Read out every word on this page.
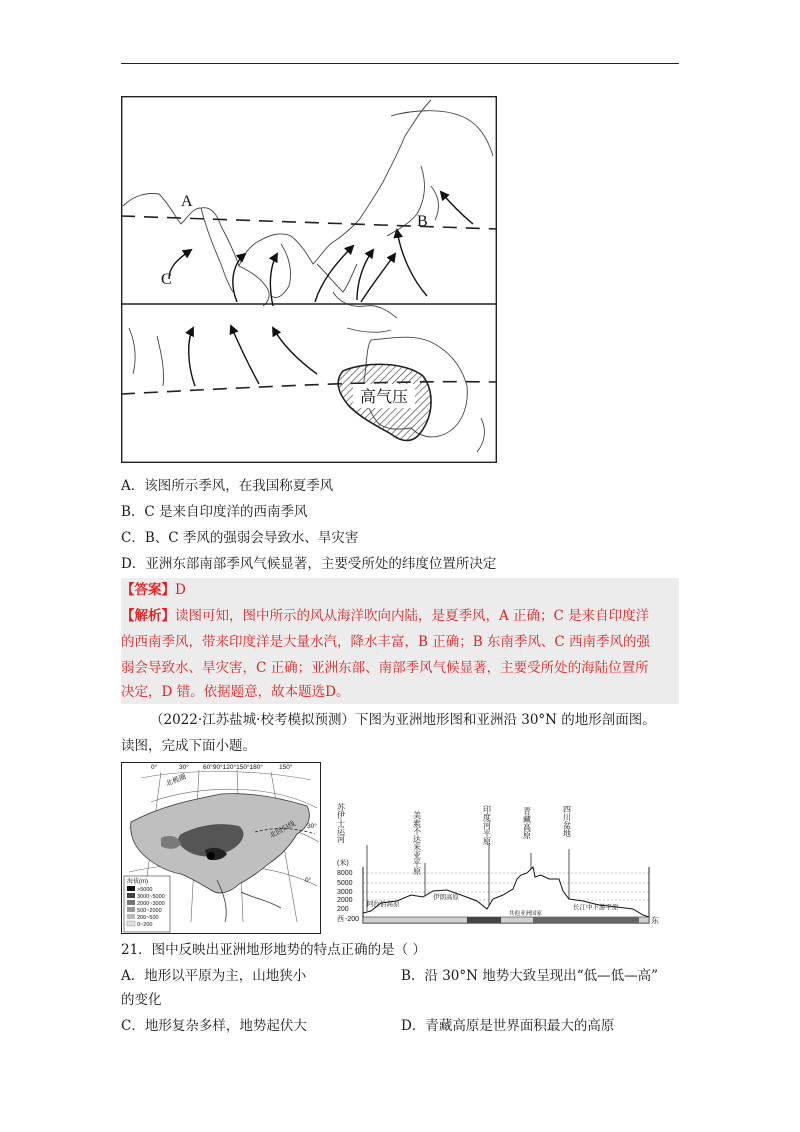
高气压
A
B
C
A．该图所示季风，在我国称夏季风
B．C 是来自印度洋的西南季风
C．B、C 季风的强弱会导致水、旱灾害
D．亚洲东部南部季风气候显著，主要受所处的纬度位置所决定
【答案】D
【解析】读图可知，图中所示的风从海洋吹向内陆，是夏季风，A 正确；C 是来自印度洋
的西南季风，带来印度洋是大量水汽，降水丰富，B 正确；B 东南季风、C 西南季风的强
弱会导致水、旱灾害，C 正确；亚洲东部、南部季风气候显著，主要受所处的海陆位置所
决定，D 错。依据题意，故本题选D。
（2022·江苏盐城·校考模拟预测）下图为亚洲地形图和亚洲沿 30°N 的地形剖面图。
读图，完成下面小题。
北极圈
北回归线
0°	30° 60°90°120°150°180° 150°
30°
0°
海拔(m)
>5000
3000~5000
2000~3000
500~2000
200~500
0~200
苏伊士运河	美索不达米亚平原	印度河平原	青藏高原	四川盆地
(米)
8000
5000
3000
2000
200
西 -200
阿拉伯高原
伊朗高原
长江中下游平原
其他亚洲国家
东
21．图中反映出亚洲地形地势的特点正确的是（ ）
A．地形以平原为主，山地狭小	B．沿 30°N 地势大致呈现出“低—低—高”
的变化
C．地形复杂多样，地势起伏大	D．青藏高原是世界面积最大的高原
